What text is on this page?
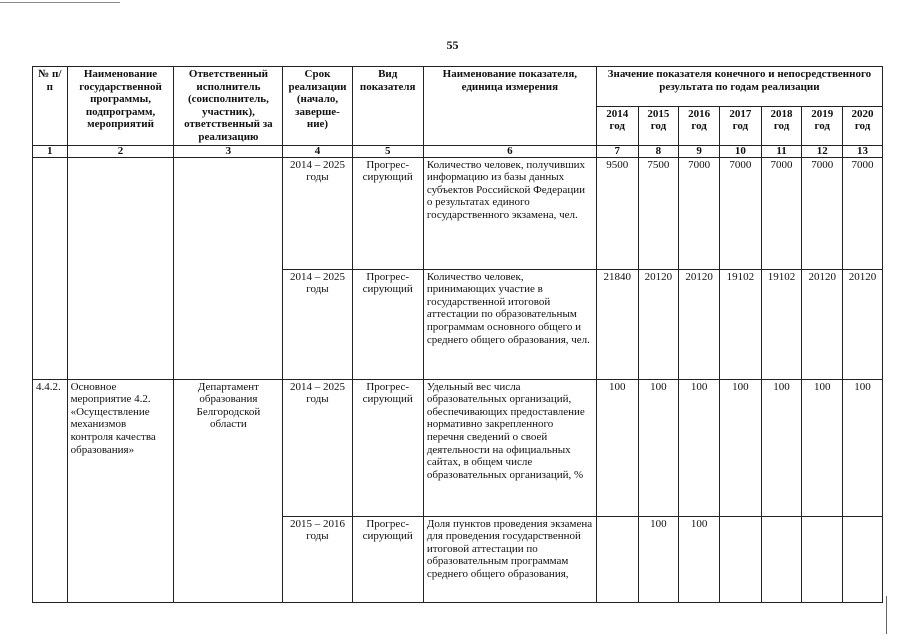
55
№ п/п	Наименование государственной программы, подпрограмм, мероприятий	Ответственный исполнитель (соисполнитель, участник), ответственный за реализацию	Срок реализации (начало, заверше-ние)	Вид показателя	Наименование показателя, единица измерения	Значение показателя конечного и непосредственного результата по годам реализации						
						2014 год	2015 год	2016 год	2017 год	2018 год	2019 год	2020 год
1	2	3	4	5	6	7	8	9	10	11	12	13
			2014 – 2025 годы	Прогрес-сирующий	Количество человек, получивших информацию из базы данных субъектов Российской Федерации о результатах единого государственного экзамена, чел.	9500	7500	7000	7000	7000	7000	7000
			2014 – 2025 годы	Прогрес-сирующий	Количество человек, принимающих участие в государственной итоговой аттестации по образовательным программам основного общего и среднего общего образования, чел.	21840	20120	20120	19102	19102	20120	20120
4.4.2.	Основное мероприятие 4.2. «Осуществление механизмов контроля качества образования»	Департамент образования Белгородской области	2014 – 2025 годы	Прогрес-сирующий	Удельный вес числа образовательных организаций, обеспечивающих предоставление нормативно закрепленного перечня сведений о своей деятельности на официальных сайтах, в общем числе образовательных организаций, %	100	100	100	100	100	100	100
			2015 – 2016 годы	Прогрес-сирующий	Доля пунктов проведения экзамена для проведения государственной итоговой аттестации по образовательным программам среднего общего образования,		100	100				
